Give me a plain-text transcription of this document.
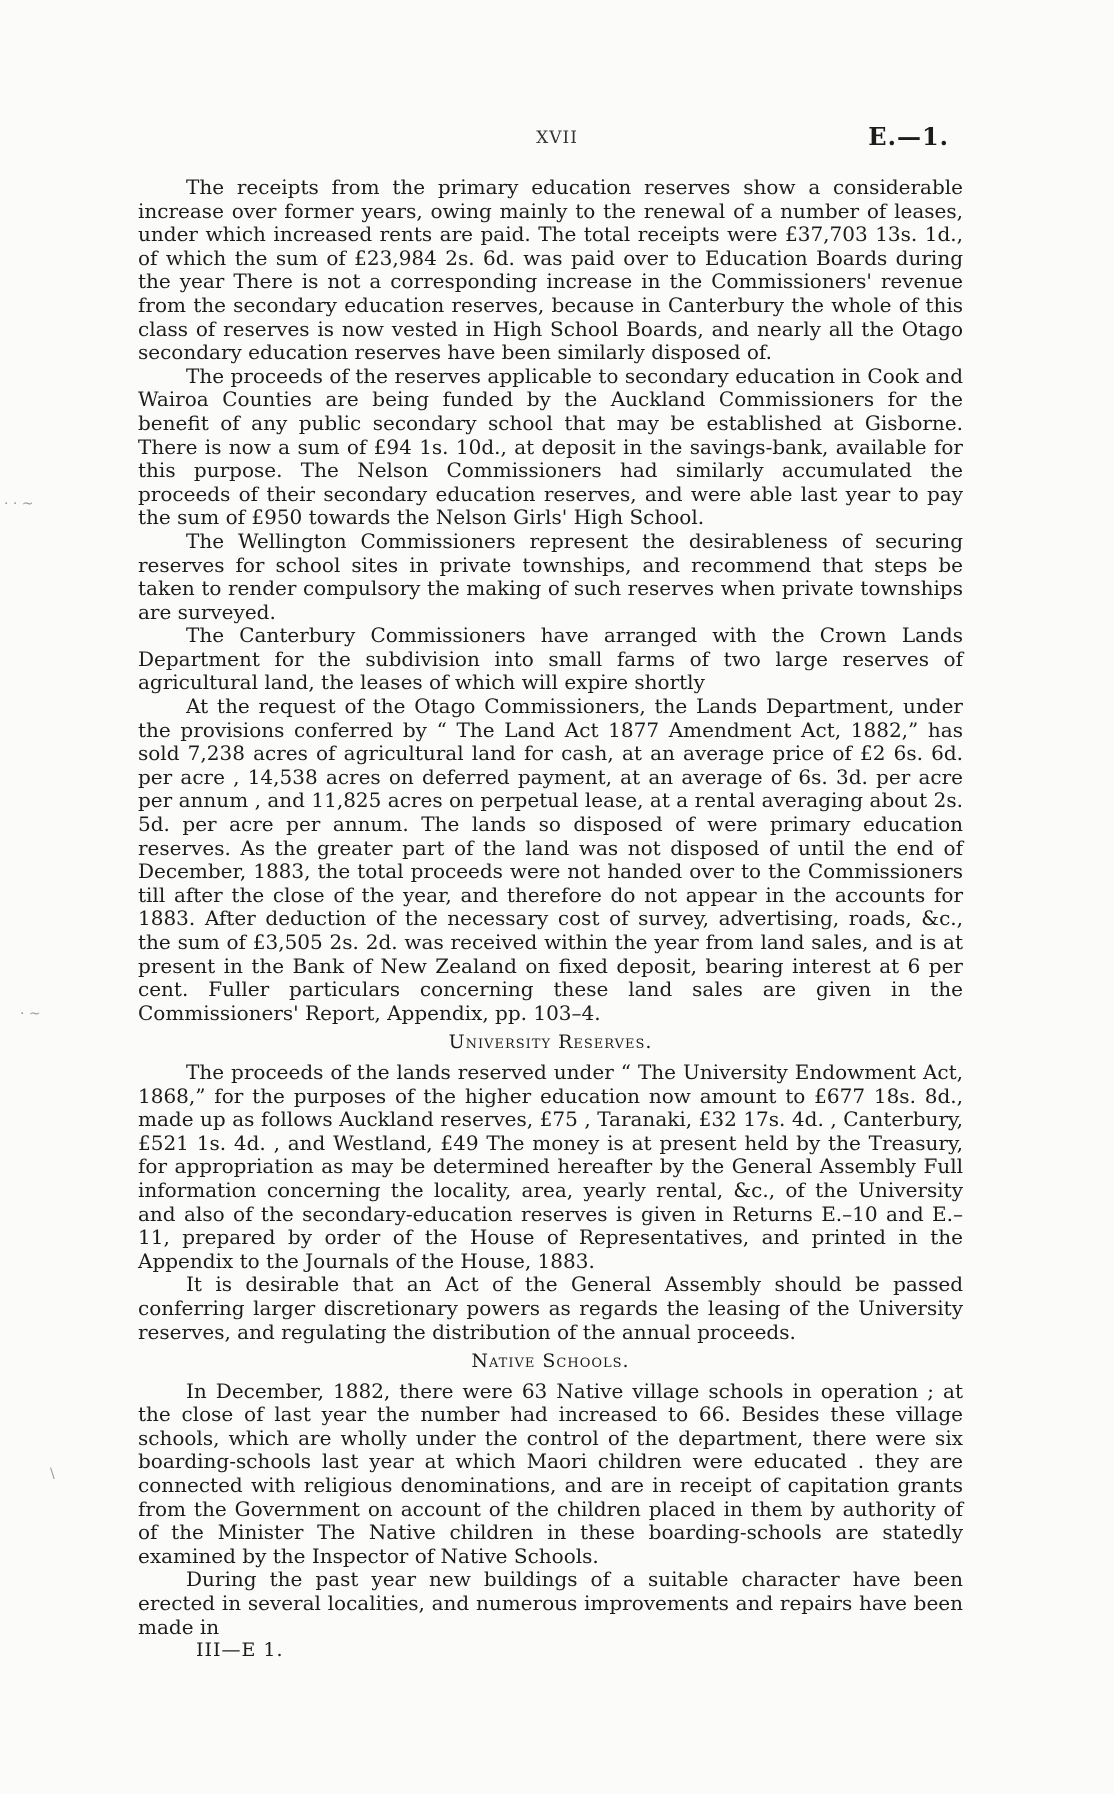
XVII	E.—1.
· · ~
· ~
\

The receipts from the primary education reserves show a considerable increase over former years, owing mainly to the renewal of a number of leases, under which increased rents are paid. The total receipts were £37,703 13s. 1d., of which the sum of £23,984 2s. 6d. was paid over to Education Boards during the year There is not a corresponding increase in the Commissioners' revenue from the secondary education reserves, because in Canterbury the whole of this class of reserves is now vested in High School Boards, and nearly all the Otago secondary education reserves have been similarly disposed of.

The proceeds of the reserves applicable to secondary education in Cook and Wairoa Counties are being funded by the Auckland Commissioners for the benefit of any public secondary school that may be established at Gisborne. There is now a sum of £94 1s. 10d., at deposit in the savings-bank, available for this purpose. The Nelson Commissioners had similarly accumulated the proceeds of their secondary education reserves, and were able last year to pay the sum of £950 towards the Nelson Girls' High School.

The Wellington Commissioners represent the desirableness of securing reserves for school sites in private townships, and recommend that steps be taken to render compulsory the making of such reserves when private townships are surveyed.

The Canterbury Commissioners have arranged with the Crown Lands Department for the subdivision into small farms of two large reserves of agricultural land, the leases of which will expire shortly

At the request of the Otago Commissioners, the Lands Department, under the provisions conferred by “ The Land Act 1877 Amendment Act, 1882,” has sold 7,238 acres of agricultural land for cash, at an average price of £2 6s. 6d. per acre , 14,538 acres on deferred payment, at an average of 6s. 3d. per acre per annum , and 11,825 acres on perpetual lease, at a rental averaging about 2s. 5d. per acre per annum. The lands so disposed of were primary education reserves. As the greater part of the land was not disposed of until the end of December, 1883, the total proceeds were not handed over to the Commissioners till after the close of the year, and therefore do not appear in the accounts for 1883. After deduction of the necessary cost of survey, advertising, roads, &c., the sum of £3,505 2s. 2d. was received within the year from land sales, and is at present in the Bank of New Zealand on fixed deposit, bearing interest at 6 per cent. Fuller particulars concerning these land sales are given in the Commissioners' Report, Appendix, pp. 103–4.

University Reserves.

The proceeds of the lands reserved under “ The University Endowment Act, 1868,” for the purposes of the higher education now amount to £677 18s. 8d., made up as follows Auckland reserves, £75 , Taranaki, £32 17s. 4d. , Canterbury, £521 1s. 4d. , and Westland, £49 The money is at present held by the Treasury, for appropriation as may be determined hereafter by the General Assembly Full information concerning the locality, area, yearly rental, &c., of the University and also of the secondary-education reserves is given in Returns E.–10 and E.–11, prepared by order of the House of Representatives, and printed in the Appendix to the Journals of the House, 1883.

It is desirable that an Act of the General Assembly should be passed conferring larger discretionary powers as regards the leasing of the University reserves, and regulating the distribution of the annual proceeds.

Native Schools.

In December, 1882, there were 63 Native village schools in operation ; at the close of last year the number had increased to 66. Besides these village schools, which are wholly under the control of the department, there were six boarding-schools last year at which Maori children were educated . they are connected with religious denominations, and are in receipt of capitation grants from the Government on account of the children placed in them by authority of of the Minister The Native children in these boarding-schools are statedly examined by the Inspector of Native Schools.

During the past year new buildings of a suitable character have been erected in several localities, and numerous improvements and repairs have been made in

III—E 1.
